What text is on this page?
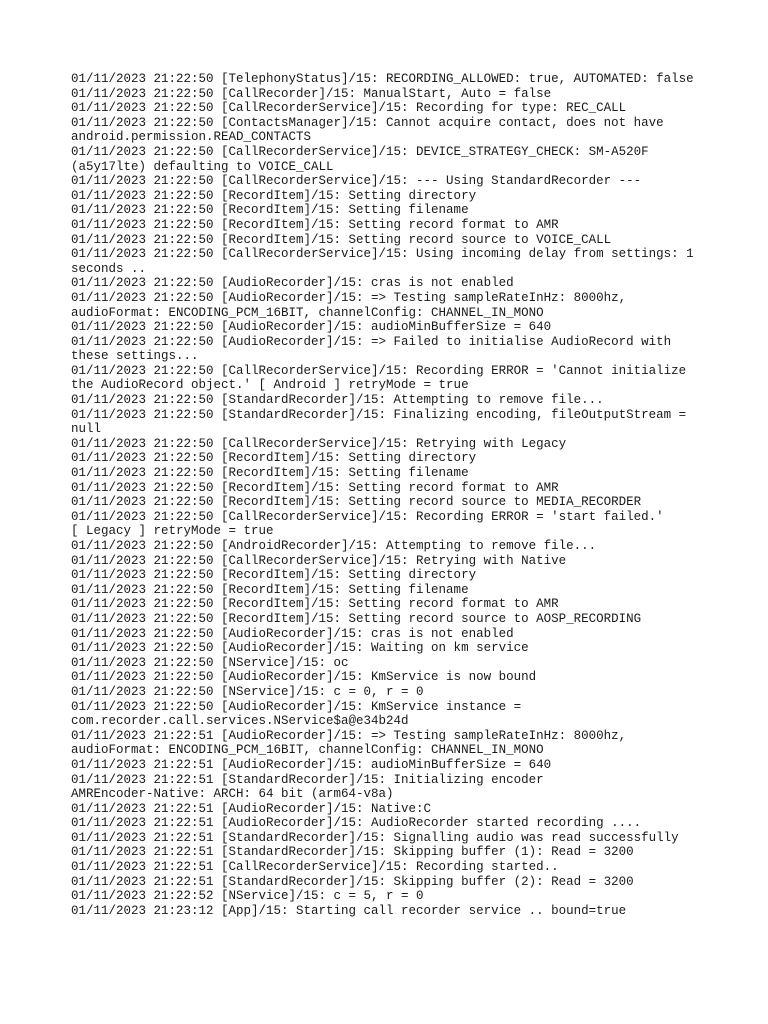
01/11/2023 21:22:50 [TelephonyStatus]/15: RECORDING_ALLOWED: true, AUTOMATED: false
01/11/2023 21:22:50 [CallRecorder]/15: ManualStart, Auto = false
01/11/2023 21:22:50 [CallRecorderService]/15: Recording for type: REC_CALL
01/11/2023 21:22:50 [ContactsManager]/15: Cannot acquire contact, does not have
android.permission.READ_CONTACTS
01/11/2023 21:22:50 [CallRecorderService]/15: DEVICE_STRATEGY_CHECK: SM-A520F
(a5y17lte) defaulting to VOICE_CALL
01/11/2023 21:22:50 [CallRecorderService]/15: --- Using StandardRecorder ---
01/11/2023 21:22:50 [RecordItem]/15: Setting directory
01/11/2023 21:22:50 [RecordItem]/15: Setting filename
01/11/2023 21:22:50 [RecordItem]/15: Setting record format to AMR
01/11/2023 21:22:50 [RecordItem]/15: Setting record source to VOICE_CALL
01/11/2023 21:22:50 [CallRecorderService]/15: Using incoming delay from settings: 1
seconds ..
01/11/2023 21:22:50 [AudioRecorder]/15: cras is not enabled
01/11/2023 21:22:50 [AudioRecorder]/15: => Testing sampleRateInHz: 8000hz,
audioFormat: ENCODING_PCM_16BIT, channelConfig: CHANNEL_IN_MONO
01/11/2023 21:22:50 [AudioRecorder]/15: audioMinBufferSize = 640
01/11/2023 21:22:50 [AudioRecorder]/15: => Failed to initialise AudioRecord with
these settings...
01/11/2023 21:22:50 [CallRecorderService]/15: Recording ERROR = 'Cannot initialize
the AudioRecord object.' [ Android ] retryMode = true
01/11/2023 21:22:50 [StandardRecorder]/15: Attempting to remove file...
01/11/2023 21:22:50 [StandardRecorder]/15: Finalizing encoding, fileOutputStream =
null
01/11/2023 21:22:50 [CallRecorderService]/15: Retrying with Legacy
01/11/2023 21:22:50 [RecordItem]/15: Setting directory
01/11/2023 21:22:50 [RecordItem]/15: Setting filename
01/11/2023 21:22:50 [RecordItem]/15: Setting record format to AMR
01/11/2023 21:22:50 [RecordItem]/15: Setting record source to MEDIA_RECORDER
01/11/2023 21:22:50 [CallRecorderService]/15: Recording ERROR = 'start failed.'
[ Legacy ] retryMode = true
01/11/2023 21:22:50 [AndroidRecorder]/15: Attempting to remove file...
01/11/2023 21:22:50 [CallRecorderService]/15: Retrying with Native
01/11/2023 21:22:50 [RecordItem]/15: Setting directory
01/11/2023 21:22:50 [RecordItem]/15: Setting filename
01/11/2023 21:22:50 [RecordItem]/15: Setting record format to AMR
01/11/2023 21:22:50 [RecordItem]/15: Setting record source to AOSP_RECORDING
01/11/2023 21:22:50 [AudioRecorder]/15: cras is not enabled
01/11/2023 21:22:50 [AudioRecorder]/15: Waiting on km service
01/11/2023 21:22:50 [NService]/15: oc
01/11/2023 21:22:50 [AudioRecorder]/15: KmService is now bound
01/11/2023 21:22:50 [NService]/15: c = 0, r = 0
01/11/2023 21:22:50 [AudioRecorder]/15: KmService instance =
com.recorder.call.services.NService$a@e34b24d
01/11/2023 21:22:51 [AudioRecorder]/15: => Testing sampleRateInHz: 8000hz,
audioFormat: ENCODING_PCM_16BIT, channelConfig: CHANNEL_IN_MONO
01/11/2023 21:22:51 [AudioRecorder]/15: audioMinBufferSize = 640
01/11/2023 21:22:51 [StandardRecorder]/15: Initializing encoder
AMREncoder-Native: ARCH: 64 bit (arm64-v8a)
01/11/2023 21:22:51 [AudioRecorder]/15: Native:C
01/11/2023 21:22:51 [AudioRecorder]/15: AudioRecorder started recording ....
01/11/2023 21:22:51 [StandardRecorder]/15: Signalling audio was read successfully
01/11/2023 21:22:51 [StandardRecorder]/15: Skipping buffer (1): Read = 3200
01/11/2023 21:22:51 [CallRecorderService]/15: Recording started..
01/11/2023 21:22:51 [StandardRecorder]/15: Skipping buffer (2): Read = 3200
01/11/2023 21:22:52 [NService]/15: c = 5, r = 0
01/11/2023 21:23:12 [App]/15: Starting call recorder service .. bound=true
